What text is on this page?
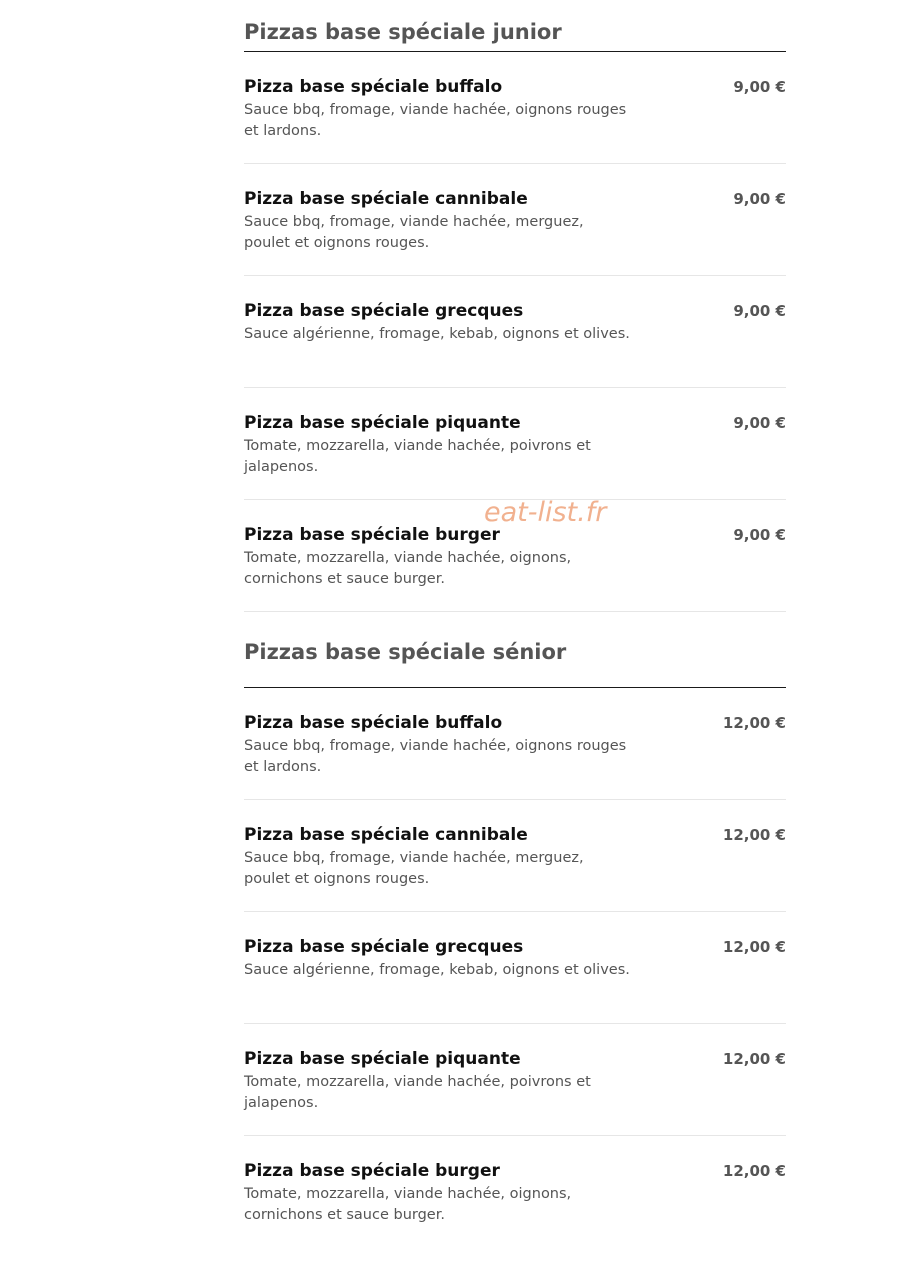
Pizzas base spéciale junior
Pizza base spéciale buffalo
Sauce bbq, fromage, viande hachée, oignons rouges et lardons.
9,00 €
Pizza base spéciale cannibale
Sauce bbq, fromage, viande hachée, merguez, poulet et oignons rouges.
9,00 €
Pizza base spéciale grecques
Sauce algérienne, fromage, kebab, oignons et olives.
9,00 €
Pizza base spéciale piquante
Tomate, mozzarella, viande hachée, poivrons et jalapenos.
9,00 €
Pizza base spéciale burger
Tomate, mozzarella, viande hachée, oignons, cornichons et sauce burger.
9,00 €
Pizzas base spéciale sénior
Pizza base spéciale buffalo
Sauce bbq, fromage, viande hachée, oignons rouges et lardons.
12,00 €
Pizza base spéciale cannibale
Sauce bbq, fromage, viande hachée, merguez, poulet et oignons rouges.
12,00 €
Pizza base spéciale grecques
Sauce algérienne, fromage, kebab, oignons et olives.
12,00 €
Pizza base spéciale piquante
Tomate, mozzarella, viande hachée, poivrons et jalapenos.
12,00 €
Pizza base spéciale burger
Tomate, mozzarella, viande hachée, oignons, cornichons et sauce burger.
12,00 €
eat-list.fr
